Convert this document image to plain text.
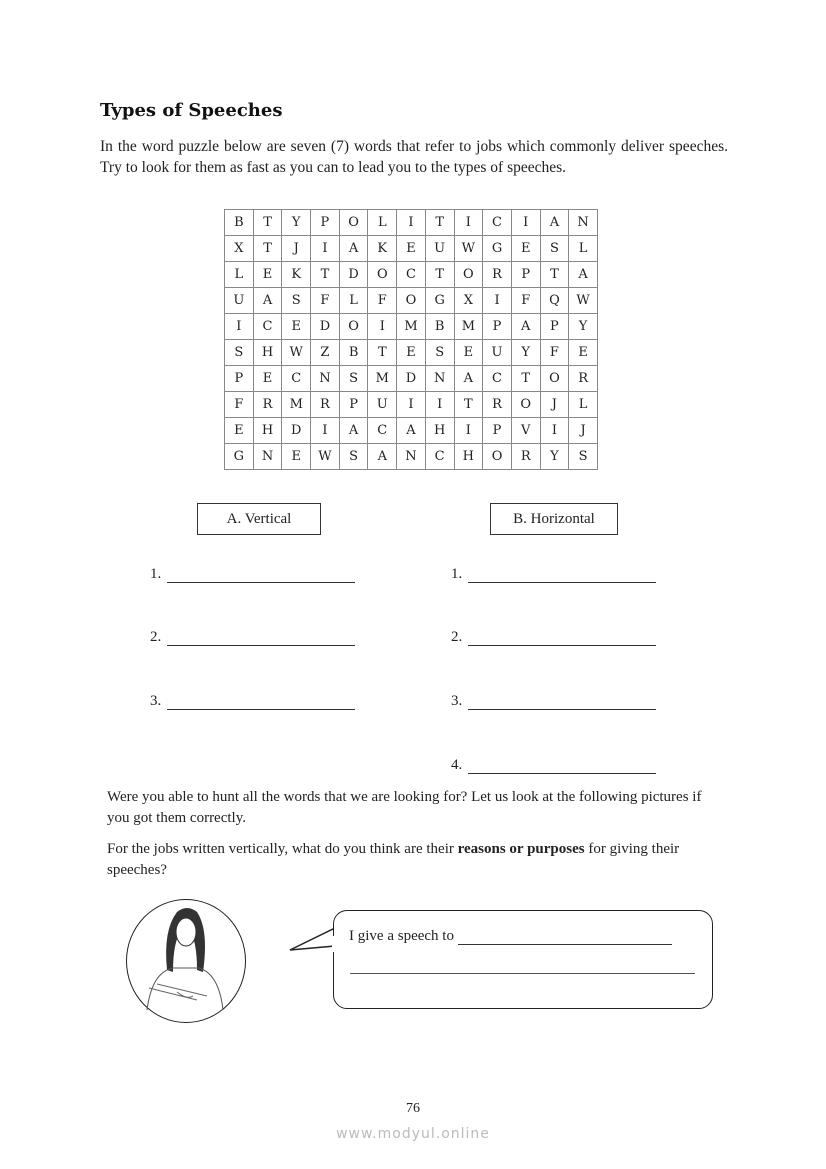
Types of Speeches
In the word puzzle below are seven (7) words that refer to jobs which commonly deliver speeches. Try to look for them as fast as you can to lead you to the types of speeches.
B	T	Y	P	O	L	I	T	I	C	I	A	N
X	T	J	I	A	K	E	U	W	G	E	S	L
L	E	K	T	D	O	C	T	O	R	P	T	A
U	A	S	F	L	F	O	G	X	I	F	Q	W
I	C	E	D	O	I	M	B	M	P	A	P	Y
S	H	W	Z	B	T	E	S	E	U	Y	F	E
P	E	C	N	S	M	D	N	A	C	T	O	R
F	R	M	R	P	U	I	I	T	R	O	J	L
E	H	D	I	A	C	A	H	I	P	V	I	J
G	N	E	W	S	A	N	C	H	O	R	Y	S
A. Vertical	B. Horizontal
1.
2.
3.
1.
2.
3.
4.
Were you able to hunt all the words that we are looking for? Let us look at the following pictures if you got them correctly.
For the jobs written vertically, what do you think are their reasons or purposes for giving their speeches?
I give a speech to
76
www.modyul.online
